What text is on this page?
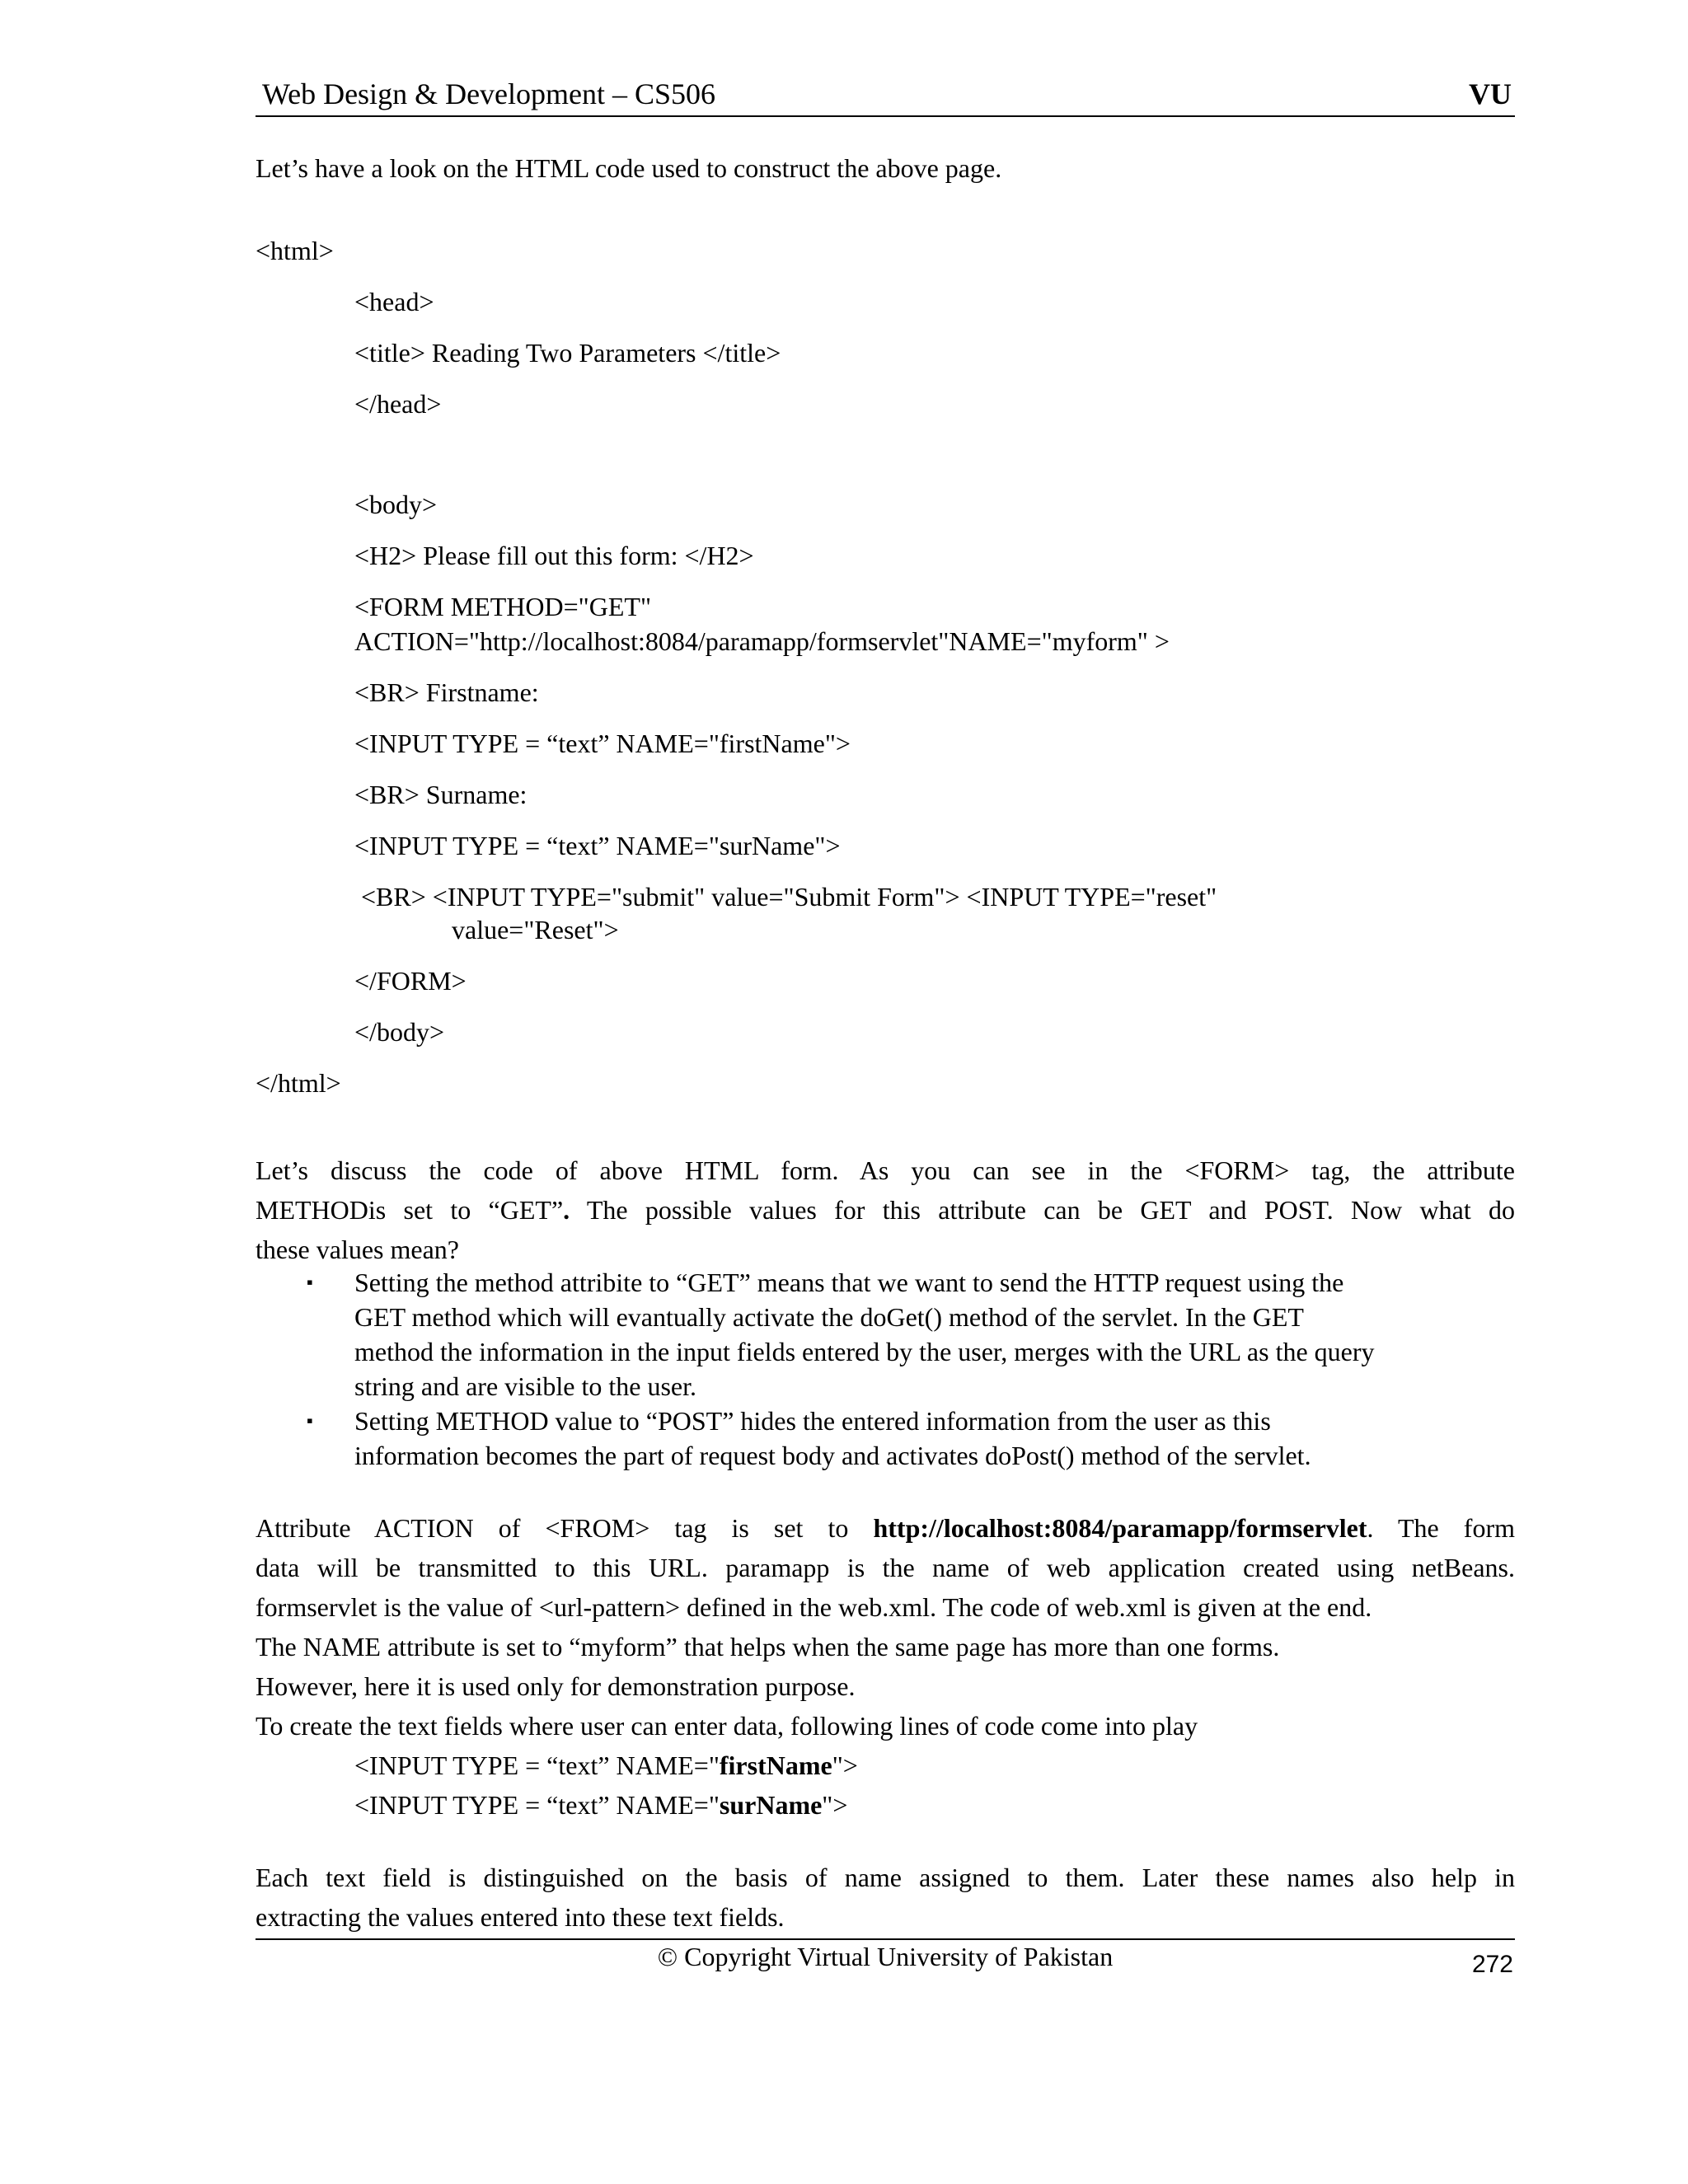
Web Design & Development – CS506	VU
Let’s have a look on the HTML code used to construct the above page.
<html>
<head>
<title> Reading Two Parameters </title>
</head>
<body>
<H2> Please fill out this form: </H2>
<FORM METHOD="GET"
ACTION="http://localhost:8084/paramapp/formservlet"NAME="myform" >
<BR> Firstname:
<INPUT TYPE = “text” NAME="firstName">
<BR> Surname:
<INPUT TYPE = “text” NAME="surName">
<BR> <INPUT TYPE="submit" value="Submit Form"> <INPUT TYPE="reset"
value="Reset">
</FORM>
</body>
</html>
Let’s discuss the code of above HTML form. As you can see in the <FORM> tag, the attribute
METHODis set to “GET”. The possible values for this attribute can be GET and POST. Now what do
these values mean?
▪ Setting the method attribite to “GET” means that we want to send the HTTP request using the
GET method which will evantually activate the doGet() method of the servlet. In the GET
method the information in the input fields entered by the user, merges with the URL as the query
string and are visible to the user.
▪ Setting METHOD value to “POST” hides the entered information from the user as this
information becomes the part of request body and activates doPost() method of the servlet.
Attribute ACTION of <FROM> tag is set to http://localhost:8084/paramapp/formservlet. The form
data will be transmitted to this URL. paramapp is the name of web application created using netBeans.
formservlet is the value of <url-pattern> defined in the web.xml. The code of web.xml is given at the end.
The NAME attribute is set to “myform” that helps when the same page has more than one forms.
However, here it is used only for demonstration purpose.
To create the text fields where user can enter data, following lines of code come into play
<INPUT TYPE = “text” NAME="firstName">
<INPUT TYPE = “text” NAME="surName">
Each text field is distinguished on the basis of name assigned to them. Later these names also help in
extracting the values entered into these text fields.
© Copyright Virtual University of Pakistan	272
